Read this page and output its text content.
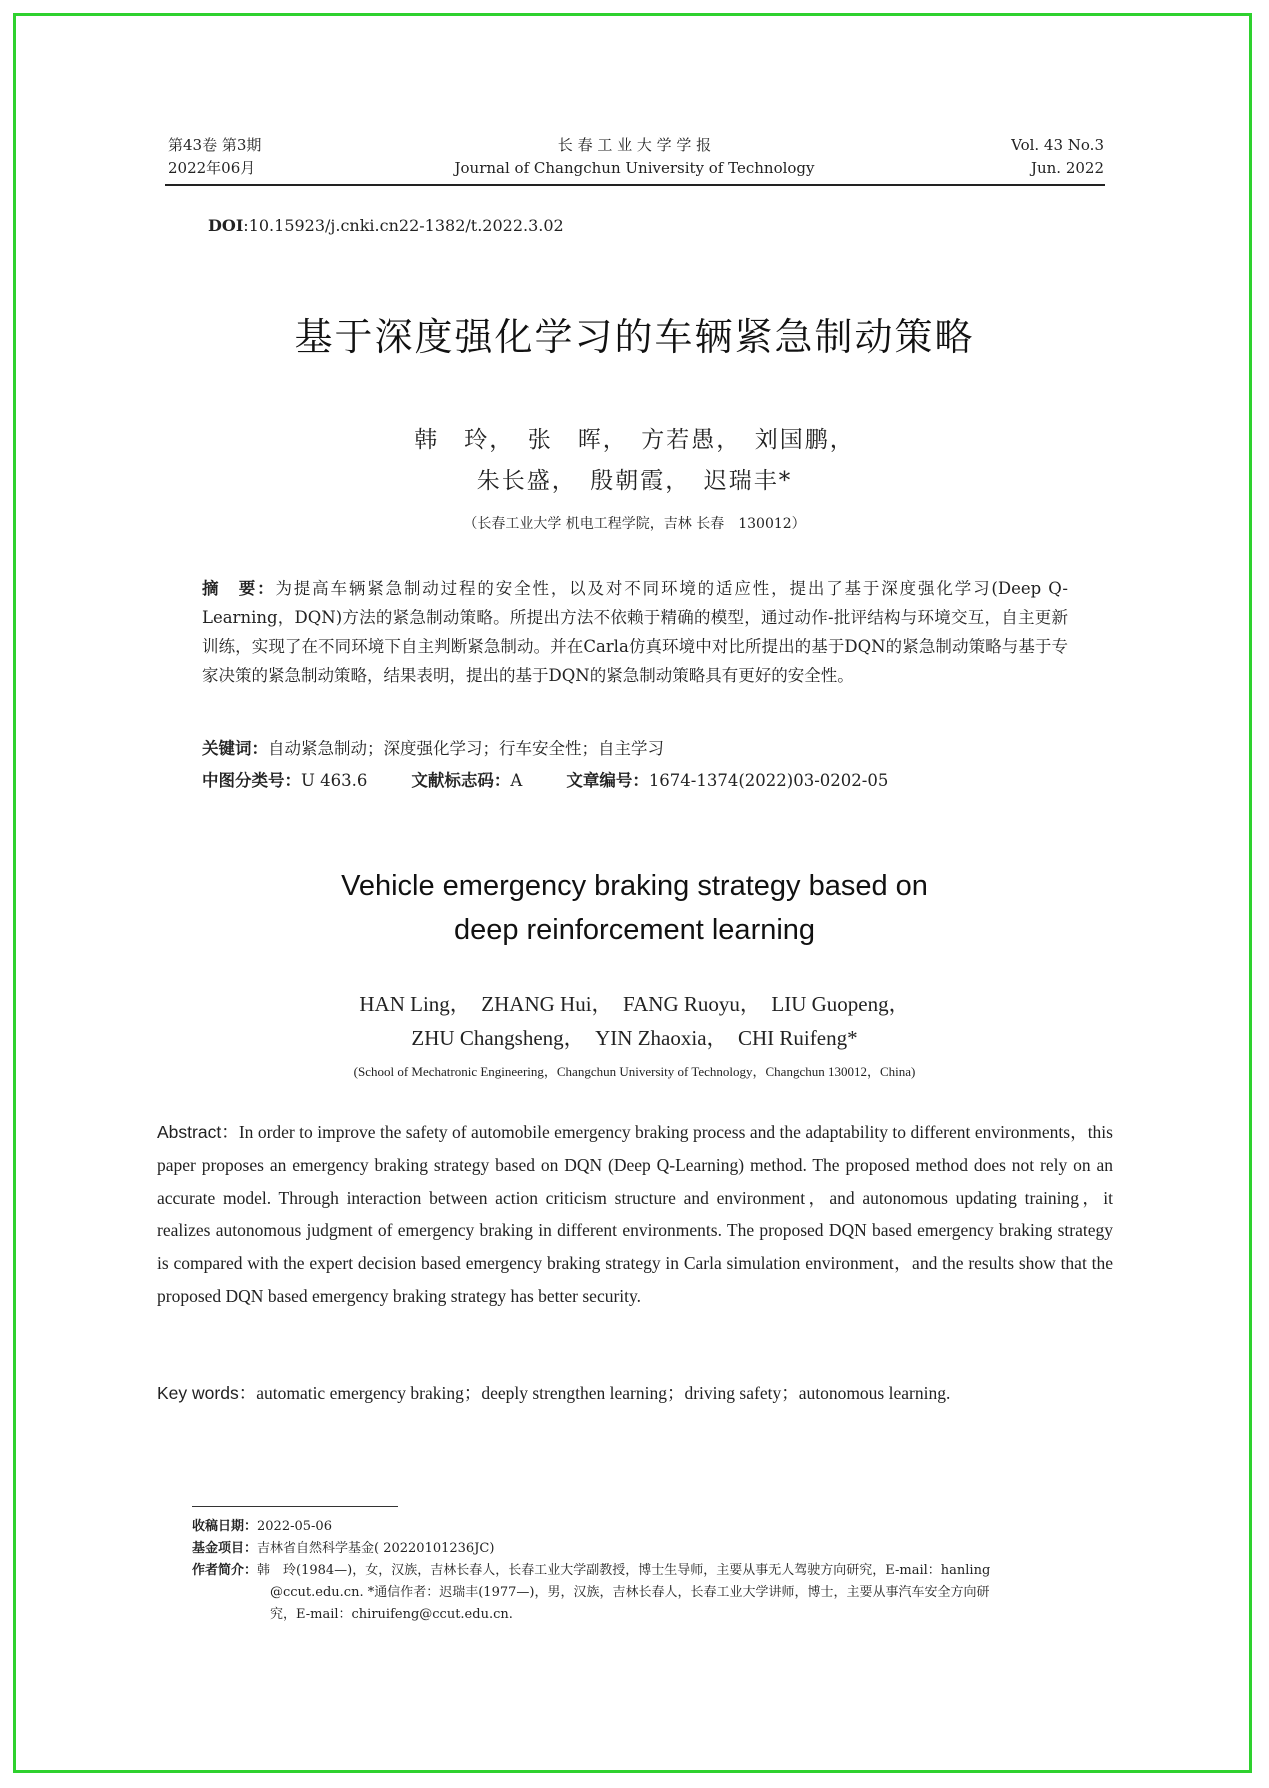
第43卷 第3期
2022年06月
长 春 工 业 大 学 学 报
Journal of Changchun University of Technology
Vol. 43 No.3
Jun. 2022
DOI:10.15923/j.cnki.cn22-1382/t.2022.3.02
基于深度强化学习的车辆紧急制动策略
韩　玲，　张　晖，　方若愚，　刘国鹏，
朱长盛，　殷朝霞，　迟瑞丰*
（长春工业大学 机电工程学院，吉林 长春　130012）
摘　要：为提高车辆紧急制动过程的安全性，以及对不同环境的适应性，提出了基于深度强化学习(Deep Q-Learning，DQN)方法的紧急制动策略。所提出方法不依赖于精确的模型，通过动作-批评结构与环境交互，自主更新训练，实现了在不同环境下自主判断紧急制动。并在Carla仿真环境中对比所提出的基于DQN的紧急制动策略与基于专家决策的紧急制动策略，结果表明，提出的基于DQN的紧急制动策略具有更好的安全性。
关键词：自动紧急制动；深度强化学习；行车安全性；自主学习
中图分类号：U 463.6	文献标志码：A	文章编号：1674-1374(2022)03-0202-05
Vehicle emergency braking strategy based on
deep reinforcement learning
HAN Ling，　ZHANG Hui，　FANG Ruoyu，　LIU Guopeng，
ZHU Changsheng，　YIN Zhaoxia，　CHI Ruifeng*
(School of Mechatronic Engineering，Changchun University of Technology，Changchun 130012，China)
Abstract：In order to improve the safety of automobile emergency braking process and the adaptability to different environments，this paper proposes an emergency braking strategy based on DQN (Deep Q-Learning) method. The proposed method does not rely on an accurate model. Through interaction between action criticism structure and environment，and autonomous updating training，it realizes autonomous judgment of emergency braking in different environments. The proposed DQN based emergency braking strategy is compared with the expert decision based emergency braking strategy in Carla simulation environment，and the results show that the proposed DQN based emergency braking strategy has better security.
Key words：automatic emergency braking；deeply strengthen learning；driving safety；autonomous learning.
收稿日期： 2022-05-06
基金项目： 吉林省自然科学基金( 20220101236JC)
作者简介： 韩　玲(1984—)，女，汉族，吉林长春人，长春工业大学副教授，博士生导师，主要从事无人驾驶方向研究，E-mail：hanling
@ccut.edu.cn. *通信作者：迟瑞丰(1977—)，男，汉族，吉林长春人，长春工业大学讲师，博士，主要从事汽车安全方向研
究，E-mail：chiruifeng@ccut.edu.cn.
